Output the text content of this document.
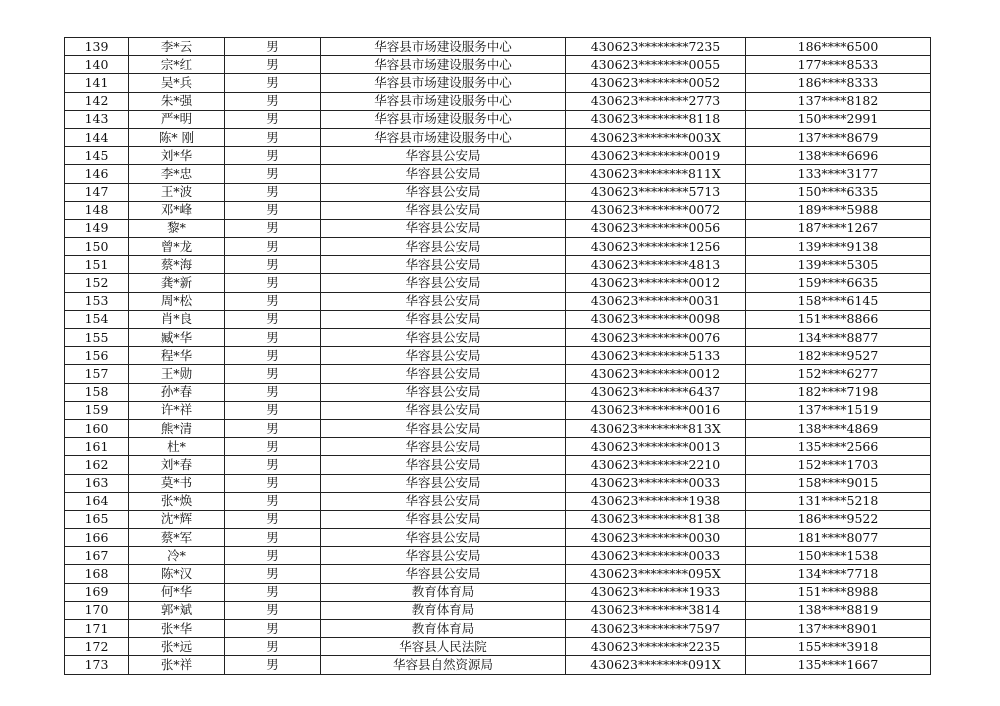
139	李*云	男	华容县市场建设服务中心	430623********7235	186****6500
140	宗*红	男	华容县市场建设服务中心	430623********0055	177****8533
141	吴*兵	男	华容县市场建设服务中心	430623********0052	186****8333
142	朱*强	男	华容县市场建设服务中心	430623********2773	137****8182
143	严*明	男	华容县市场建设服务中心	430623********8118	150****2991
144	陈* 刚	男	华容县市场建设服务中心	430623********003X	137****8679
145	刘*华	男	华容县公安局	430623********0019	138****6696
146	李*忠	男	华容县公安局	430623********811X	133****3177
147	王*波	男	华容县公安局	430623********5713	150****6335
148	邓*峰	男	华容县公安局	430623********0072	189****5988
149	黎*	男	华容县公安局	430623********0056	187****1267
150	曾*龙	男	华容县公安局	430623********1256	139****9138
151	蔡*海	男	华容县公安局	430623********4813	139****5305
152	龚*新	男	华容县公安局	430623********0012	159****6635
153	周*松	男	华容县公安局	430623********0031	158****6145
154	肖*良	男	华容县公安局	430623********0098	151****8866
155	臧*华	男	华容县公安局	430623********0076	134****8877
156	程*华	男	华容县公安局	430623********5133	182****9527
157	王*勋	男	华容县公安局	430623********0012	152****6277
158	孙*春	男	华容县公安局	430623********6437	182****7198
159	许*祥	男	华容县公安局	430623********0016	137****1519
160	熊*清	男	华容县公安局	430623********813X	138****4869
161	杜*	男	华容县公安局	430623********0013	135****2566
162	刘*春	男	华容县公安局	430623********2210	152****1703
163	莫*书	男	华容县公安局	430623********0033	158****9015
164	张*焕	男	华容县公安局	430623********1938	131****5218
165	沈*辉	男	华容县公安局	430623********8138	186****9522
166	蔡*军	男	华容县公安局	430623********0030	181****8077
167	冷*	男	华容县公安局	430623********0033	150****1538
168	陈*汉	男	华容县公安局	430623********095X	134****7718
169	何*华	男	教育体育局	430623********1933	151****8988
170	郭*斌	男	教育体育局	430623********3814	138****8819
171	张*华	男	教育体育局	430623********7597	137****8901
172	张*远	男	华容县人民法院	430623********2235	155****3918
173	张*祥	男	华容县自然资源局	430623********091X	135****1667
